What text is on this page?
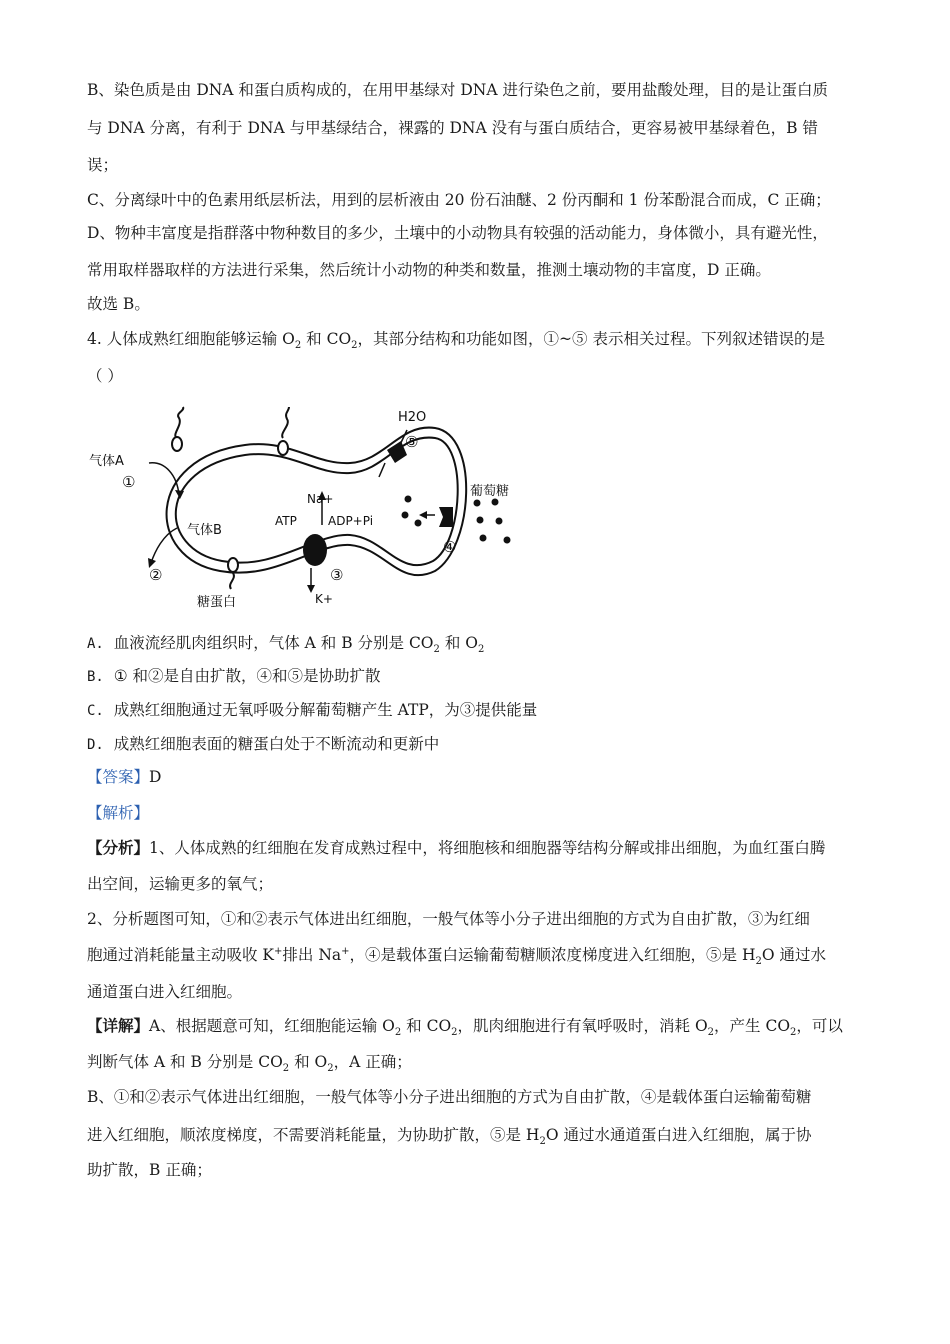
B、染色质是由 DNA 和蛋白质构成的，在用甲基绿对 DNA 进行染色之前，要用盐酸处理，目的是让蛋白质
与 DNA 分离，有利于 DNA 与甲基绿结合，裸露的 DNA 没有与蛋白质结合，更容易被甲基绿着色，B 错
误；
C、分离绿叶中的色素用纸层析法，用到的层析液由 20 份石油醚、2 份丙酮和 1 份苯酚混合而成，C 正确；
D、物种丰富度是指群落中物种数目的多少，土壤中的小动物具有较强的活动能力，身体微小，具有避光性，
常用取样器取样的方法进行采集，然后统计小动物的种类和数量，推测土壤动物的丰富度，D 正确。
故选 B。
4. 人体成熟红细胞能够运输 $O_2$ 和 $CO_2$，其部分结构和功能如图，①~⑤ 表示相关过程。下列叙述错误的是
（ ）
H2O
⑤
气体A
①
Na+	葡萄糖
ATP	ADP+Pi
气体B
④
②	③
糖蛋白	K+
A. 血液流经肌肉组织时，气体 A 和 B 分别是 $CO_2$ 和 $O_2$
B. ① 和②是自由扩散，④和⑤是协助扩散
C. 成熟红细胞通过无氧呼吸分解葡萄糖产生 ATP，为③提供能量
D. 成熟红细胞表面的糖蛋白处于不断流动和更新中
【答案】D
【解析】
【分析】1、人体成熟的红细胞在发育成熟过程中，将细胞核和细胞器等结构分解或排出细胞，为血红蛋白腾
出空间，运输更多的氧气；
2、分析题图可知，①和②表示气体进出红细胞，一般气体等小分子进出细胞的方式为自由扩散，③为红细
胞通过消耗能量主动吸收 K+排出 Na+，④是载体蛋白运输葡萄糖顺浓度梯度进入红细胞，⑤是 $H_2O$ 通过水
通道蛋白进入红细胞。
【详解】A、根据题意可知，红细胞能运输 $O_2$ 和 $CO_2$，肌肉细胞进行有氧呼吸时，消耗 $O_2$，产生 $CO_2$，可以
判断气体 A 和 B 分别是 $CO_2$ 和 $O_2$，A 正确；
B、①和②表示气体进出红细胞，一般气体等小分子进出细胞的方式为自由扩散，④是载体蛋白运输葡萄糖
进入红细胞，顺浓度梯度，不需要消耗能量，为协助扩散，⑤是 $H_2O$ 通过水通道蛋白进入红细胞，属于协
助扩散，B 正确；
